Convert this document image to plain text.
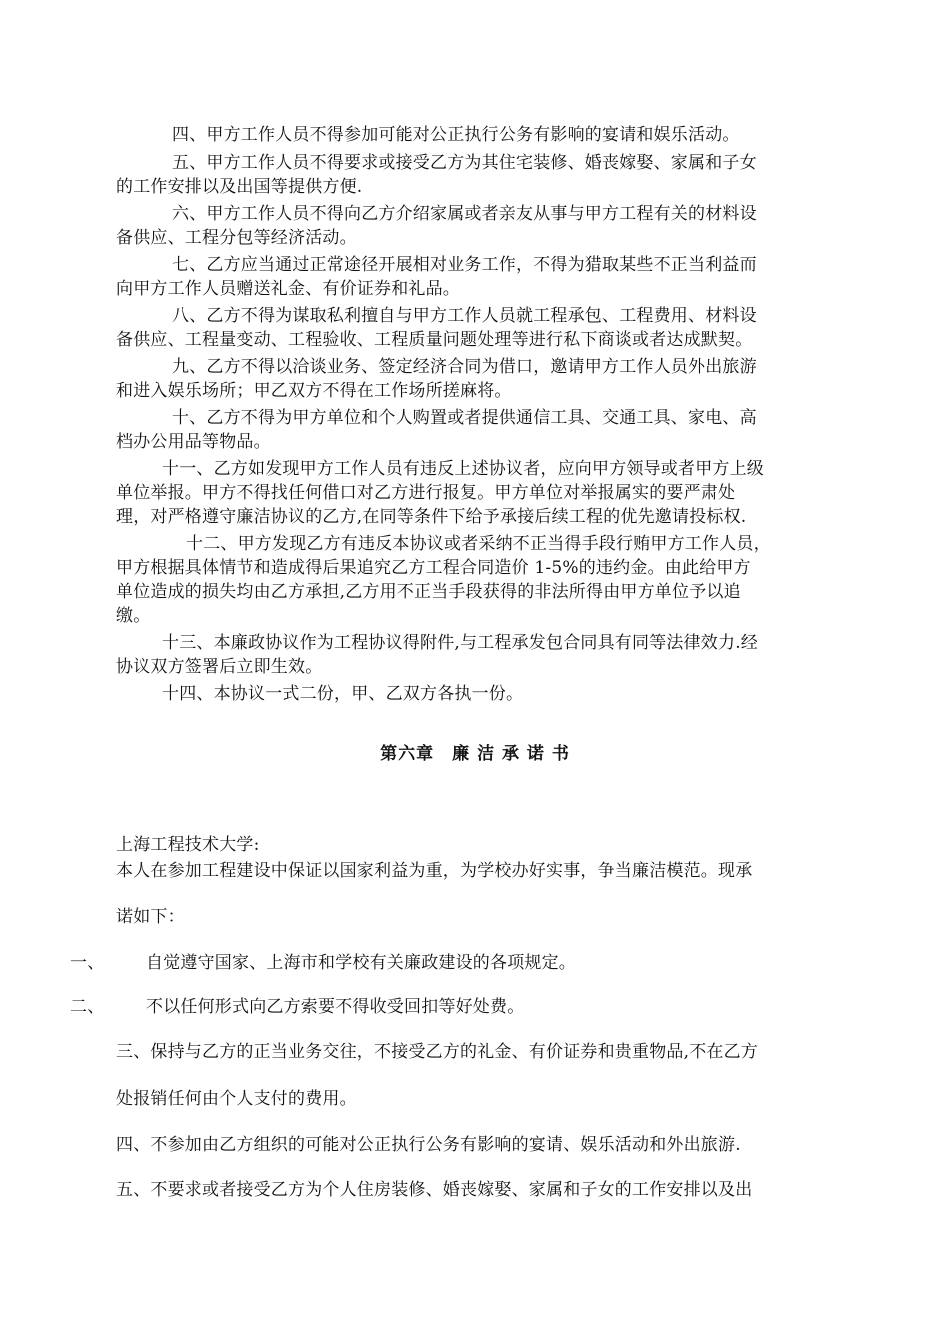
四、甲方工作人员不得参加可能对公正执行公务有影响的宴请和娱乐活动。
五、甲方工作人员不得要求或接受乙方为其住宅装修、婚丧嫁娶、家属和子女
的工作安排以及出国等提供方便.
六、甲方工作人员不得向乙方介绍家属或者亲友从事与甲方工程有关的材料设
备供应、工程分包等经济活动。
七、乙方应当通过正常途径开展相对业务工作，不得为猎取某些不正当利益而
向甲方工作人员赠送礼金、有价证券和礼品。
八、乙方不得为谋取私利擅自与甲方工作人员就工程承包、工程费用、材料设
备供应、工程量变动、工程验收、工程质量问题处理等进行私下商谈或者达成默契。
九、乙方不得以洽谈业务、签定经济合同为借口，邀请甲方工作人员外出旅游
和进入娱乐场所；甲乙双方不得在工作场所搓麻将。
十、乙方不得为甲方单位和个人购置或者提供通信工具、交通工具、家电、高
档办公用品等物品。
十一、乙方如发现甲方工作人员有违反上述协议者，应向甲方领导或者甲方上级
单位举报。甲方不得找任何借口对乙方进行报复。甲方单位对举报属实的要严肃处
理，对严格遵守廉洁协议的乙方,在同等条件下给予承接后续工程的优先邀请投标权.
十二、甲方发现乙方有违反本协议或者采纳不正当得手段行贿甲方工作人员，
甲方根据具体情节和造成得后果追究乙方工程合同造价 1-5%的违约金。由此给甲方
单位造成的损失均由乙方承担,乙方用不正当手段获得的非法所得由甲方单位予以追
缴。
十三、本廉政协议作为工程协议得附件,与工程承发包合同具有同等法律效力.经
协议双方签署后立即生效。
十四、本协议一式二份，甲、乙双方各执一份。
第六章　廉 洁 承 诺 书
上海工程技术大学:
本人在参加工程建设中保证以国家利益为重，为学校办好实事，争当廉洁模范。现承
诺如下：
一、 自觉遵守国家、上海市和学校有关廉政建设的各项规定。
二、 不以任何形式向乙方索要不得收受回扣等好处费。
三、保持与乙方的正当业务交往，不接受乙方的礼金、有价证券和贵重物品,不在乙方
处报销任何由个人支付的费用。
四、不参加由乙方组织的可能对公正执行公务有影响的宴请、娱乐活动和外出旅游.
五、不要求或者接受乙方为个人住房装修、婚丧嫁娶、家属和子女的工作安排以及出
